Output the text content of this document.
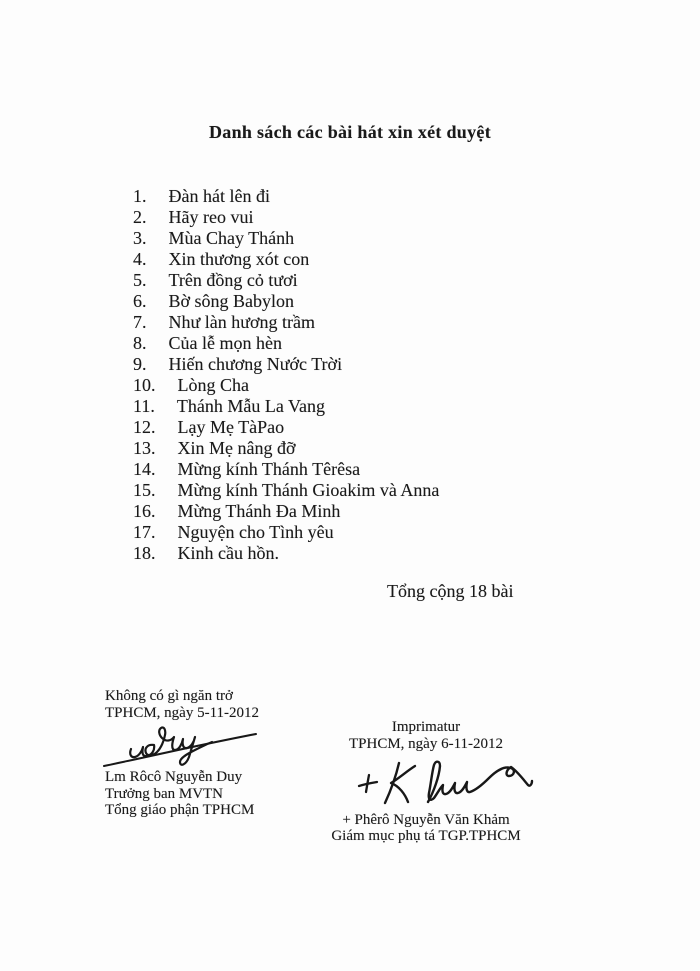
Danh sách các bài hát xin xét duyệt
1. Đàn hát lên đi
2. Hãy reo vui
3. Mùa Chay Thánh
4. Xin thương xót con
5. Trên đồng cỏ tươi
6. Bờ sông Babylon
7. Như làn hương trầm
8. Của lễ mọn hèn
9. Hiến chương Nước Trời
10. Lòng Cha
11. Thánh Mẫu La Vang
12. Lạy Mẹ TàPao
13. Xin Mẹ nâng đỡ
14. Mừng kính Thánh Têrêsa
15. Mừng kính Thánh Gioakim và Anna
16. Mừng Thánh Đa Minh
17. Nguyện cho Tình yêu
18. Kinh cầu hồn.
Tổng cộng 18 bài
Không có gì ngăn trở
TPHCM, ngày 5-11-2012
Lm Rôcô Nguyễn Duy
Trưởng ban MVTN
Tổng giáo phận TPHCM
Imprimatur
TPHCM, ngày 6-11-2012
+ Phêrô Nguyễn Văn Khảm
Giám mục phụ tá TGP.TPHCM
